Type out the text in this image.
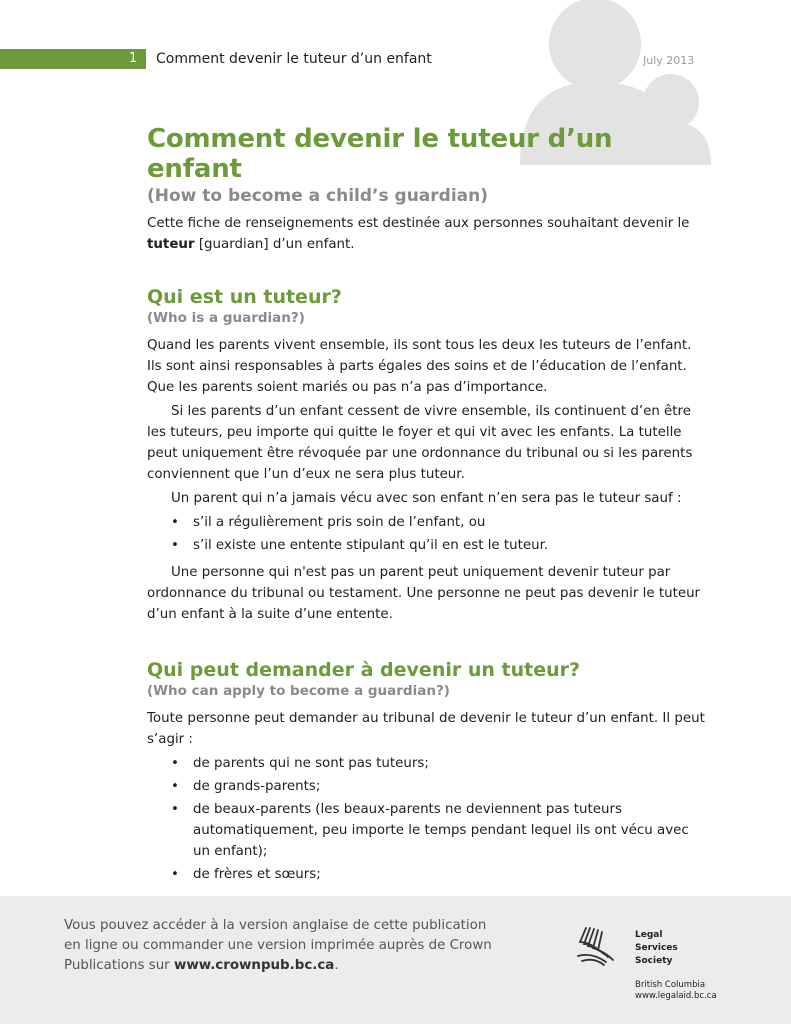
1 Comment devenir le tuteur d’un enfant	July 2013
Comment devenir le tuteur d’un enfant
(How to become a child’s guardian)

Cette fiche de renseignements est destinée aux personnes souhaitant devenir le tuteur [guardian] d’un enfant.

Qui est un tuteur?
(Who is a guardian?)

Quand les parents vivent ensemble, ils sont tous les deux les tuteurs de l’enfant. Ils sont ainsi responsables à parts égales des soins et de l’éducation de l’enfant. Que les parents soient mariés ou pas n’a pas d’importance.

Si les parents d’un enfant cessent de vivre ensemble, ils continuent d’en être les tuteurs, peu importe qui quitte le foyer et qui vit avec les enfants. La tutelle peut uniquement être révoquée par une ordonnance du tribunal ou si les parents conviennent que l’un d’eux ne sera plus tuteur.

Un parent qui n’a jamais vécu avec son enfant n’en sera pas le tuteur sauf :

• s’il a régulièrement pris soin de l’enfant, ou
• s’il existe une entente stipulant qu’il en est le tuteur.

Une personne qui n'est pas un parent peut uniquement devenir tuteur par ordonnance du tribunal ou testament. Une personne ne peut pas devenir le tuteur d’un enfant à la suite d’une entente.

Qui peut demander à devenir un tuteur?
(Who can apply to become a guardian?)

Toute personne peut demander au tribunal de devenir le tuteur d’un enfant. Il peut s’agir :

• de parents qui ne sont pas tuteurs;
• de grands-parents;
• de beaux-parents (les beaux-parents ne deviennent pas tuteurs automatiquement, peu importe le temps pendant lequel ils ont vécu avec un enfant);
• de frères et sœurs;
Vous pouvez accéder à la version anglaise de cette publication en ligne ou commander une version imprimée auprès de Crown Publications sur www.crownpub.bc.ca.
Legal
Services
Society
British Columbia
www.legalaid.bc.ca
